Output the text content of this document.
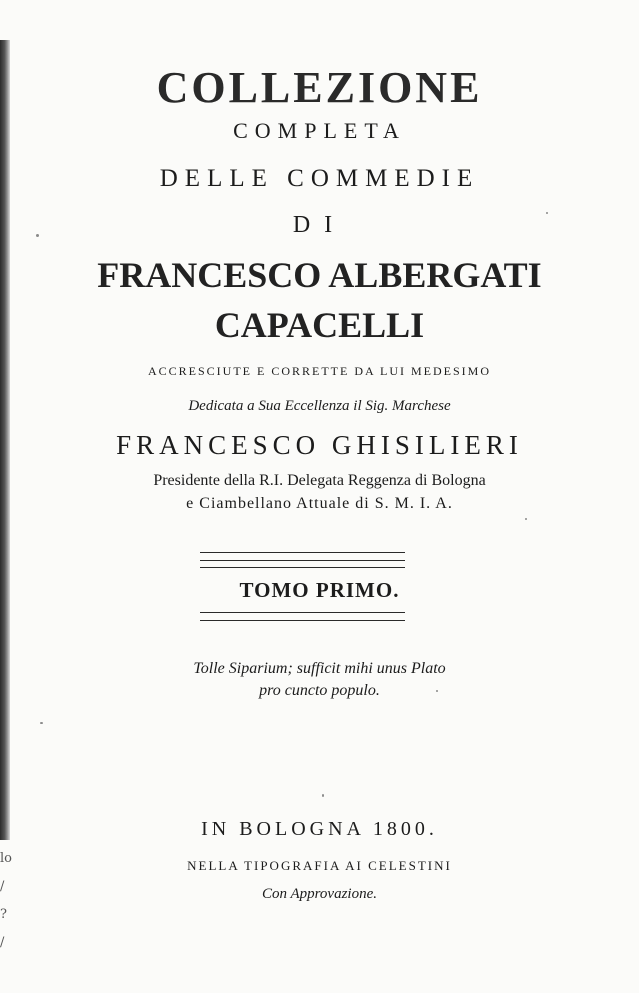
lo
/
?
/
COLLEZIONE
COMPLETA
DELLE COMMEDIE
DI
FRANCESCO ALBERGATI
CAPACELLI
ACCRESCIUTE E CORRETTE DA LUI MEDESIMO
Dedicata a Sua Eccellenza il Sig. Marchese
FRANCESCO GHISILIERI
Presidente della R.I. Delegata Reggenza di Bologna
e Ciambellano Attuale di S. M. I. A.
TOMO PRIMO.
Tolle Siparium; sufficit mihi unus Plato
pro cuncto populo.
IN BOLOGNA 1800.
NELLA TIPOGRAFIA AI CELESTINI
Con Approvazione.
